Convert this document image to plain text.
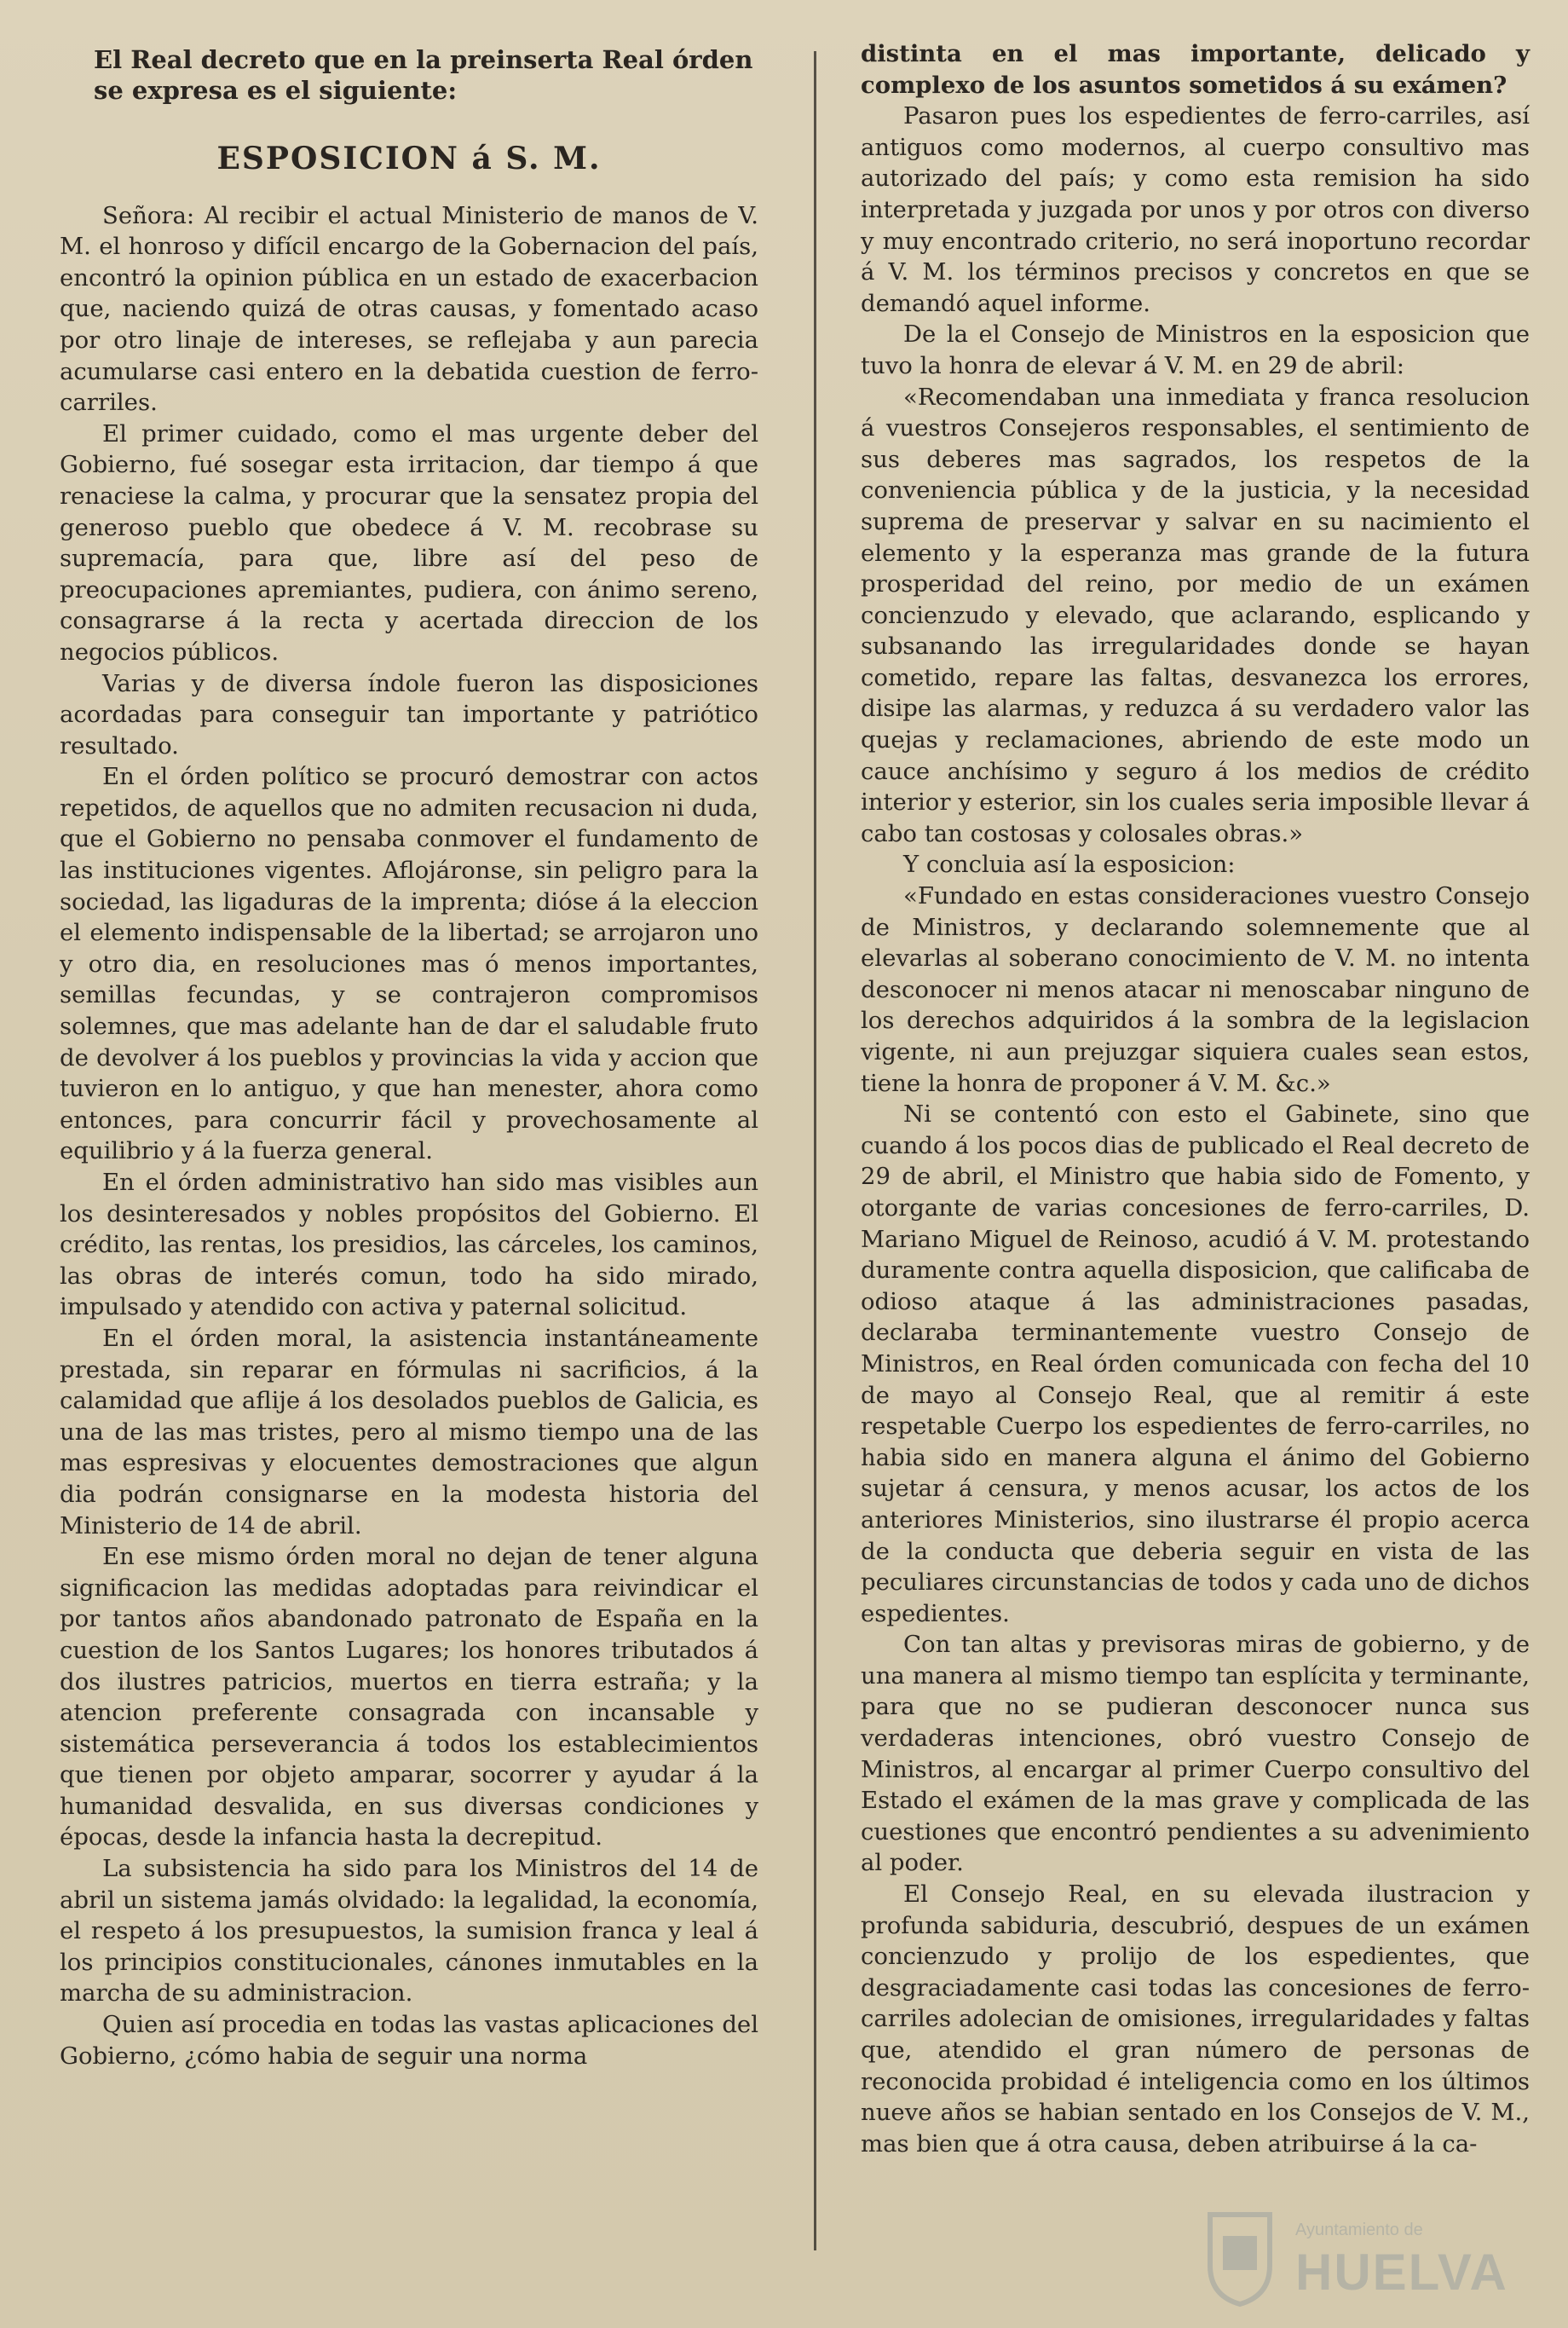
El Real decreto que en la preinserta Real órden se expresa es el siguiente:
ESPOSICION á S. M.

Señora: Al recibir el actual Ministerio de manos de V. M. el honroso y difícil encargo de la Gobernacion del país, encontró la opinion pública en un estado de exacerbacion que, naciendo quizá de otras causas, y fomentado acaso por otro linaje de intereses, se reflejaba y aun parecia acumularse casi entero en la debatida cuestion de ferro-carriles.

El primer cuidado, como el mas urgente deber del Gobierno, fué sosegar esta irritacion, dar tiempo á que renaciese la calma, y procurar que la sensatez propia del generoso pueblo que obedece á V. M. recobrase su supremacía, para que, libre así del peso de preocupaciones apremiantes, pudiera, con ánimo sereno, consagrarse á la recta y acertada direccion de los negocios públicos.

Varias y de diversa índole fueron las disposiciones acordadas para conseguir tan importante y patriótico resultado.

En el órden político se procuró demostrar con actos repetidos, de aquellos que no admiten recusacion ni duda, que el Gobierno no pensaba conmover el fundamento de las instituciones vigentes. Aflojáronse, sin peligro para la sociedad, las ligaduras de la imprenta; dióse á la eleccion el elemento indispensable de la libertad; se arrojaron uno y otro dia, en resoluciones mas ó menos importantes, semillas fecundas, y se contrajeron compromisos solemnes, que mas adelante han de dar el saludable fruto de devolver á los pueblos y provincias la vida y accion que tuvieron en lo antiguo, y que han menester, ahora como entonces, para concurrir fácil y provechosamente al equilibrio y á la fuerza general.

En el órden administrativo han sido mas visibles aun los desinteresados y nobles propósitos del Gobierno. El crédito, las rentas, los presidios, las cárceles, los caminos, las obras de interés comun, todo ha sido mirado, impulsado y atendido con activa y paternal solicitud.

En el órden moral, la asistencia instantáneamente prestada, sin reparar en fórmulas ni sacrificios, á la calamidad que aflije á los desolados pueblos de Galicia, es una de las mas tristes, pero al mismo tiempo una de las mas espresivas y elocuentes demostraciones que algun dia podrán consignarse en la modesta historia del Ministerio de 14 de abril.

En ese mismo órden moral no dejan de tener alguna significacion las medidas adoptadas para reivindicar el por tantos años abandonado patronato de España en la cuestion de los Santos Lugares; los honores tributados á dos ilustres patricios, muertos en tierra estraña; y la atencion preferente consagrada con incansable y sistemática perseverancia á todos los establecimientos que tienen por objeto amparar, socorrer y ayudar á la humanidad desvalida, en sus diversas condiciones y épocas, desde la infancia hasta la decrepitud.

La subsistencia ha sido para los Ministros del 14 de abril un sistema jamás olvidado: la legalidad, la economía, el respeto á los presupuestos, la sumision franca y leal á los principios constitucionales, cánones inmutables en la marcha de su administracion.

Quien así procedia en todas las vastas aplicaciones del Gobierno, ¿cómo habia de seguir una norma

distinta en el mas importante, delicado y complexo de los asuntos sometidos á su exámen?

Pasaron pues los espedientes de ferro-carriles, así antiguos como modernos, al cuerpo consultivo mas autorizado del país; y como esta remision ha sido interpretada y juzgada por unos y por otros con diverso y muy encontrado criterio, no será inoportuno recordar á V. M. los términos precisos y concretos en que se demandó aquel informe.

De la el Consejo de Ministros en la esposicion que tuvo la honra de elevar á V. M. en 29 de abril:

«Recomendaban una inmediata y franca resolucion á vuestros Consejeros responsables, el sentimiento de sus deberes mas sagrados, los respetos de la conveniencia pública y de la justicia, y la necesidad suprema de preservar y salvar en su nacimiento el elemento y la esperanza mas grande de la futura prosperidad del reino, por medio de un exámen concienzudo y elevado, que aclarando, esplicando y subsanando las irregularidades donde se hayan cometido, repare las faltas, desvanezca los errores, disipe las alarmas, y reduzca á su verdadero valor las quejas y reclamaciones, abriendo de este modo un cauce anchísimo y seguro á los medios de crédito interior y esterior, sin los cuales seria imposible llevar á cabo tan costosas y colosales obras.»

Y concluia así la esposicion:

«Fundado en estas consideraciones vuestro Consejo de Ministros, y declarando solemnemente que al elevarlas al soberano conocimiento de V. M. no intenta desconocer ni menos atacar ni menoscabar ninguno de los derechos adquiridos á la sombra de la legislacion vigente, ni aun prejuzgar siquiera cuales sean estos, tiene la honra de proponer á V. M. &c.»

Ni se contentó con esto el Gabinete, sino que cuando á los pocos dias de publicado el Real decreto de 29 de abril, el Ministro que habia sido de Fomento, y otorgante de varias concesiones de ferro-carriles, D. Mariano Miguel de Reinoso, acudió á V. M. protestando duramente contra aquella disposicion, que calificaba de odioso ataque á las administraciones pasadas, declaraba terminantemente vuestro Consejo de Ministros, en Real órden comunicada con fecha del 10 de mayo al Consejo Real, que al remitir á este respetable Cuerpo los espedientes de ferro-carriles, no habia sido en manera alguna el ánimo del Gobierno sujetar á censura, y menos acusar, los actos de los anteriores Ministerios, sino ilustrarse él propio acerca de la conducta que deberia seguir en vista de las peculiares circunstancias de todos y cada uno de dichos espedientes.

Con tan altas y previsoras miras de gobierno, y de una manera al mismo tiempo tan esplícita y terminante, para que no se pudieran desconocer nunca sus verdaderas intenciones, obró vuestro Consejo de Ministros, al encargar al primer Cuerpo consultivo del Estado el exámen de la mas grave y complicada de las cuestiones que encontró pendientes a su advenimiento al poder.

El Consejo Real, en su elevada ilustracion y profunda sabiduria, descubrió, despues de un exámen concienzudo y prolijo de los espedientes, que desgraciadamente casi todas las concesiones de ferro-carriles adolecian de omisiones, irregularidades y faltas que, atendido el gran número de personas de reconocida probidad é inteligencia como en los últimos nueve años se habian sentado en los Consejos de V. M., mas bien que á otra causa, deben atribuirse á la ca-

Ayuntamiento de
HUELVA
